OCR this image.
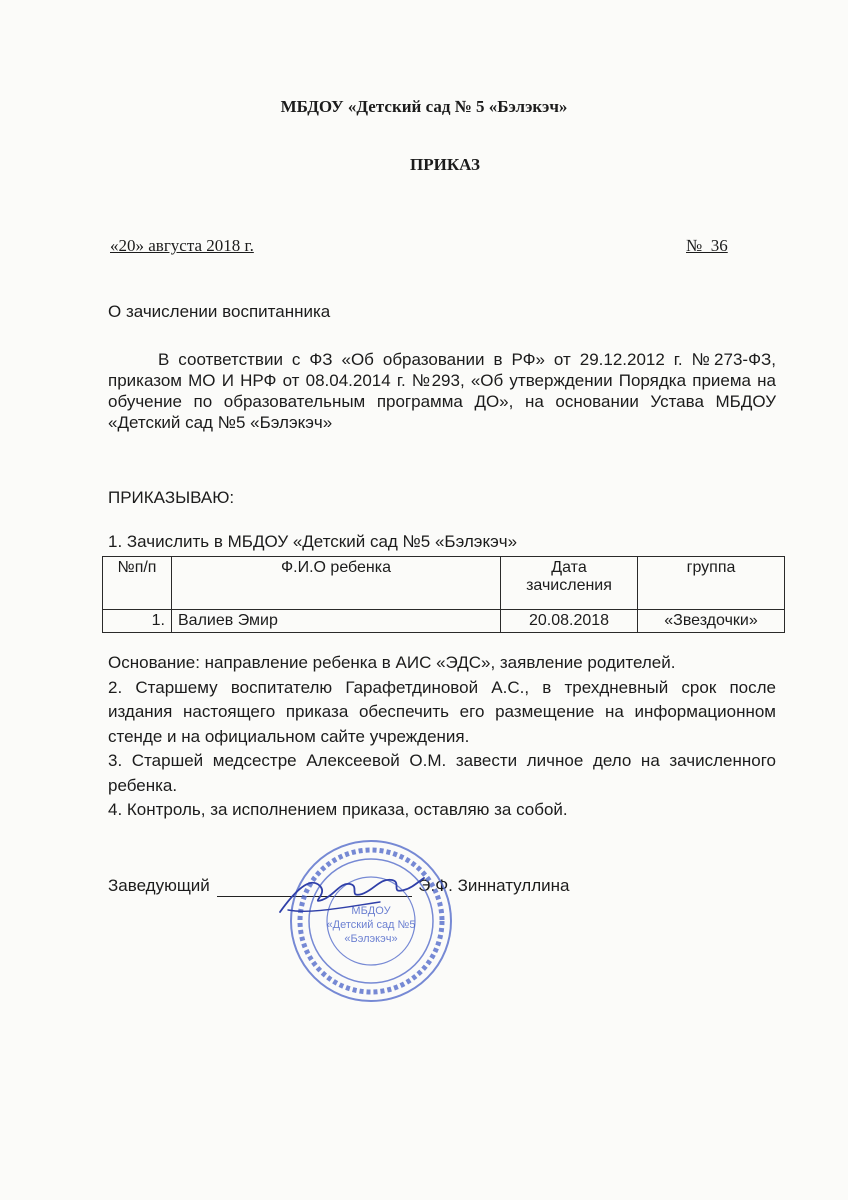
МБДОУ «Детский сад № 5 «Бэлэкэч»
ПРИКАЗ
«20» августа 2018 г.	№  36
О зачислении воспитанника
В соответствии с ФЗ «Об образовании в РФ» от 29.12.2012 г. №273-ФЗ, приказом МО И НРФ от 08.04.2014 г. №293, «Об утверждении Порядка приема на обучение по образовательным программа ДО», на основании Устава МБДОУ «Детский сад №5 «Бэлэкэч»
ПРИКАЗЫВАЮ:
1. Зачислить в МБДОУ «Детский сад №5 «Бэлэкэч»
№п/п	Ф.И.О ребенка	Дата зачисления	группа
1.	Валиев Эмир	20.08.2018	«Звездочки»

Основание: направление ребенка в АИС «ЭДС», заявление родителей.

2. Старшему воспитателю Гарафетдиновой А.С., в трехдневный срок после издания настоящего приказа обеспечить его размещение на информационном стенде и на официальном сайте учреждения.

3. Старшей медсестре Алексеевой О.М. завести личное дело на зачисленного ребенка.

4. Контроль, за исполнением приказа, оставляю за собой.

Заведующий	Э.Ф. Зиннатуллина
МБДОУ
«Детский сад №5
«Бэлэкэч»
